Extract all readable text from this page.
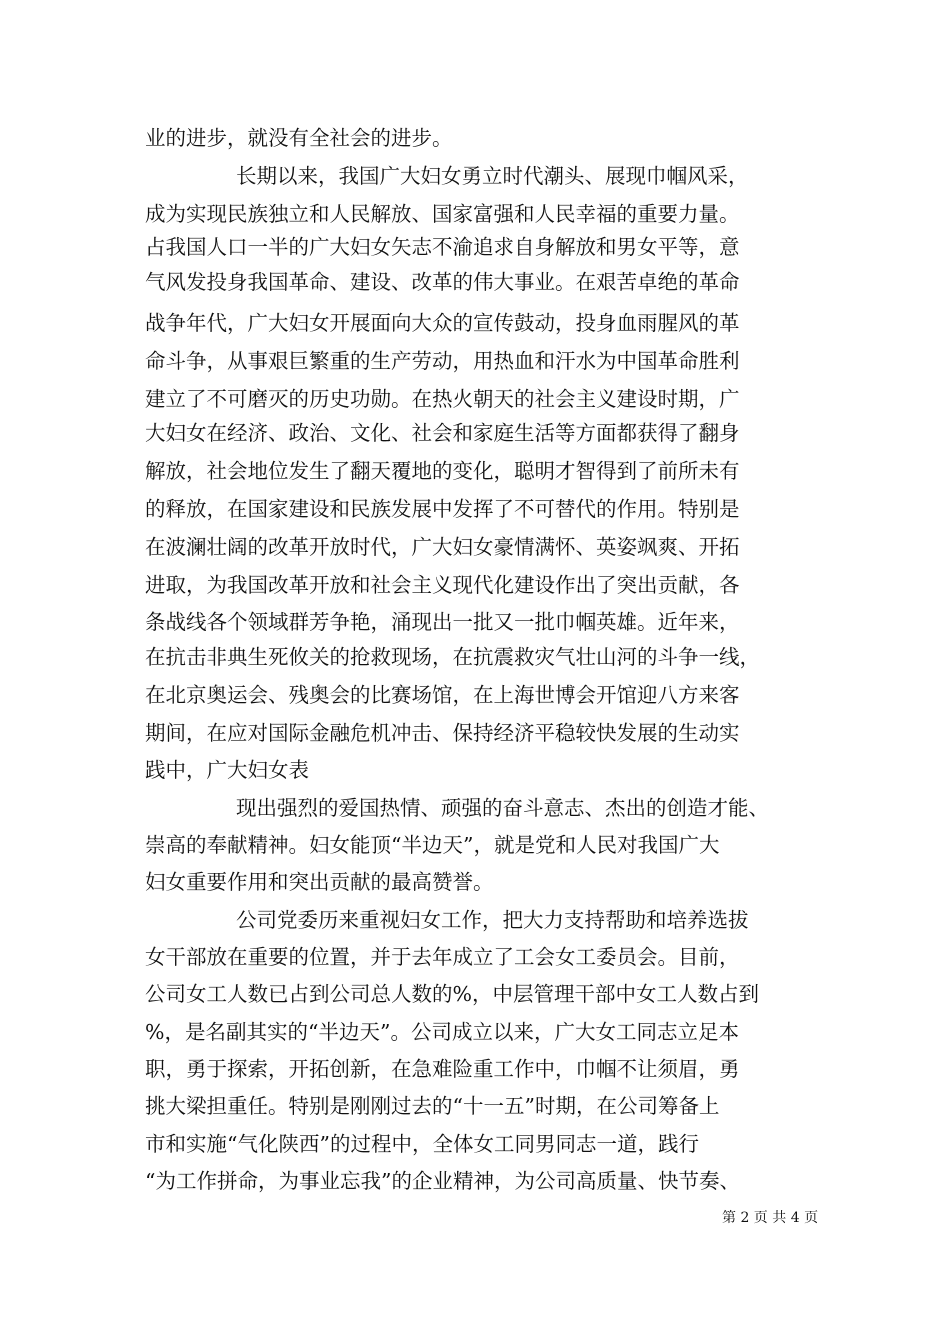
业的进步，就没有全社会的进步。
长期以来，我国广大妇女勇立时代潮头、展现巾帼风采，
成为实现民族独立和人民解放、国家富强和人民幸福的重要力量。
占我国人口一半的广大妇女矢志不渝追求自身解放和男女平等，意
气风发投身我国革命、建设、改革的伟大事业。在艰苦卓绝的革命
战争年代，广大妇女开展面向大众的宣传鼓动，投身血雨腥风的革
命斗争，从事艰巨繁重的生产劳动，用热血和汗水为中国革命胜利
建立了不可磨灭的历史功勋。在热火朝天的社会主义建设时期，广
大妇女在经济、政治、文化、社会和家庭生活等方面都获得了翻身
解放，社会地位发生了翻天覆地的变化，聪明才智得到了前所未有
的释放，在国家建设和民族发展中发挥了不可替代的作用。特别是
在波澜壮阔的改革开放时代，广大妇女豪情满怀、英姿飒爽、开拓
进取，为我国改革开放和社会主义现代化建设作出了突出贡献，各
条战线各个领域群芳争艳，涌现出一批又一批巾帼英雄。近年来，
在抗击非典生死攸关的抢救现场，在抗震救灾气壮山河的斗争一线，
在北京奥运会、残奥会的比赛场馆，在上海世博会开馆迎八方来客
期间，在应对国际金融危机冲击、保持经济平稳较快发展的生动实
践中，广大妇女表
现出强烈的爱国热情、顽强的奋斗意志、杰出的创造才能、
崇高的奉献精神。妇女能顶“半边天”，就是党和人民对我国广大
妇女重要作用和突出贡献的最高赞誉。
公司党委历来重视妇女工作，把大力支持帮助和培养选拔
女干部放在重要的位置，并于去年成立了工会女工委员会。目前，
公司女工人数已占到公司总人数的%，中层管理干部中女工人数占到
%，是名副其实的“半边天”。公司成立以来，广大女工同志立足本
职，勇于探索，开拓创新，在急难险重工作中，巾帼不让须眉，勇
挑大梁担重任。特别是刚刚过去的“十一五”时期，在公司筹备上
市和实施“气化陕西”的过程中，全体女工同男同志一道，践行
“为工作拼命，为事业忘我”的企业精神，为公司高质量、快节奏、
第 2 页 共 4 页
